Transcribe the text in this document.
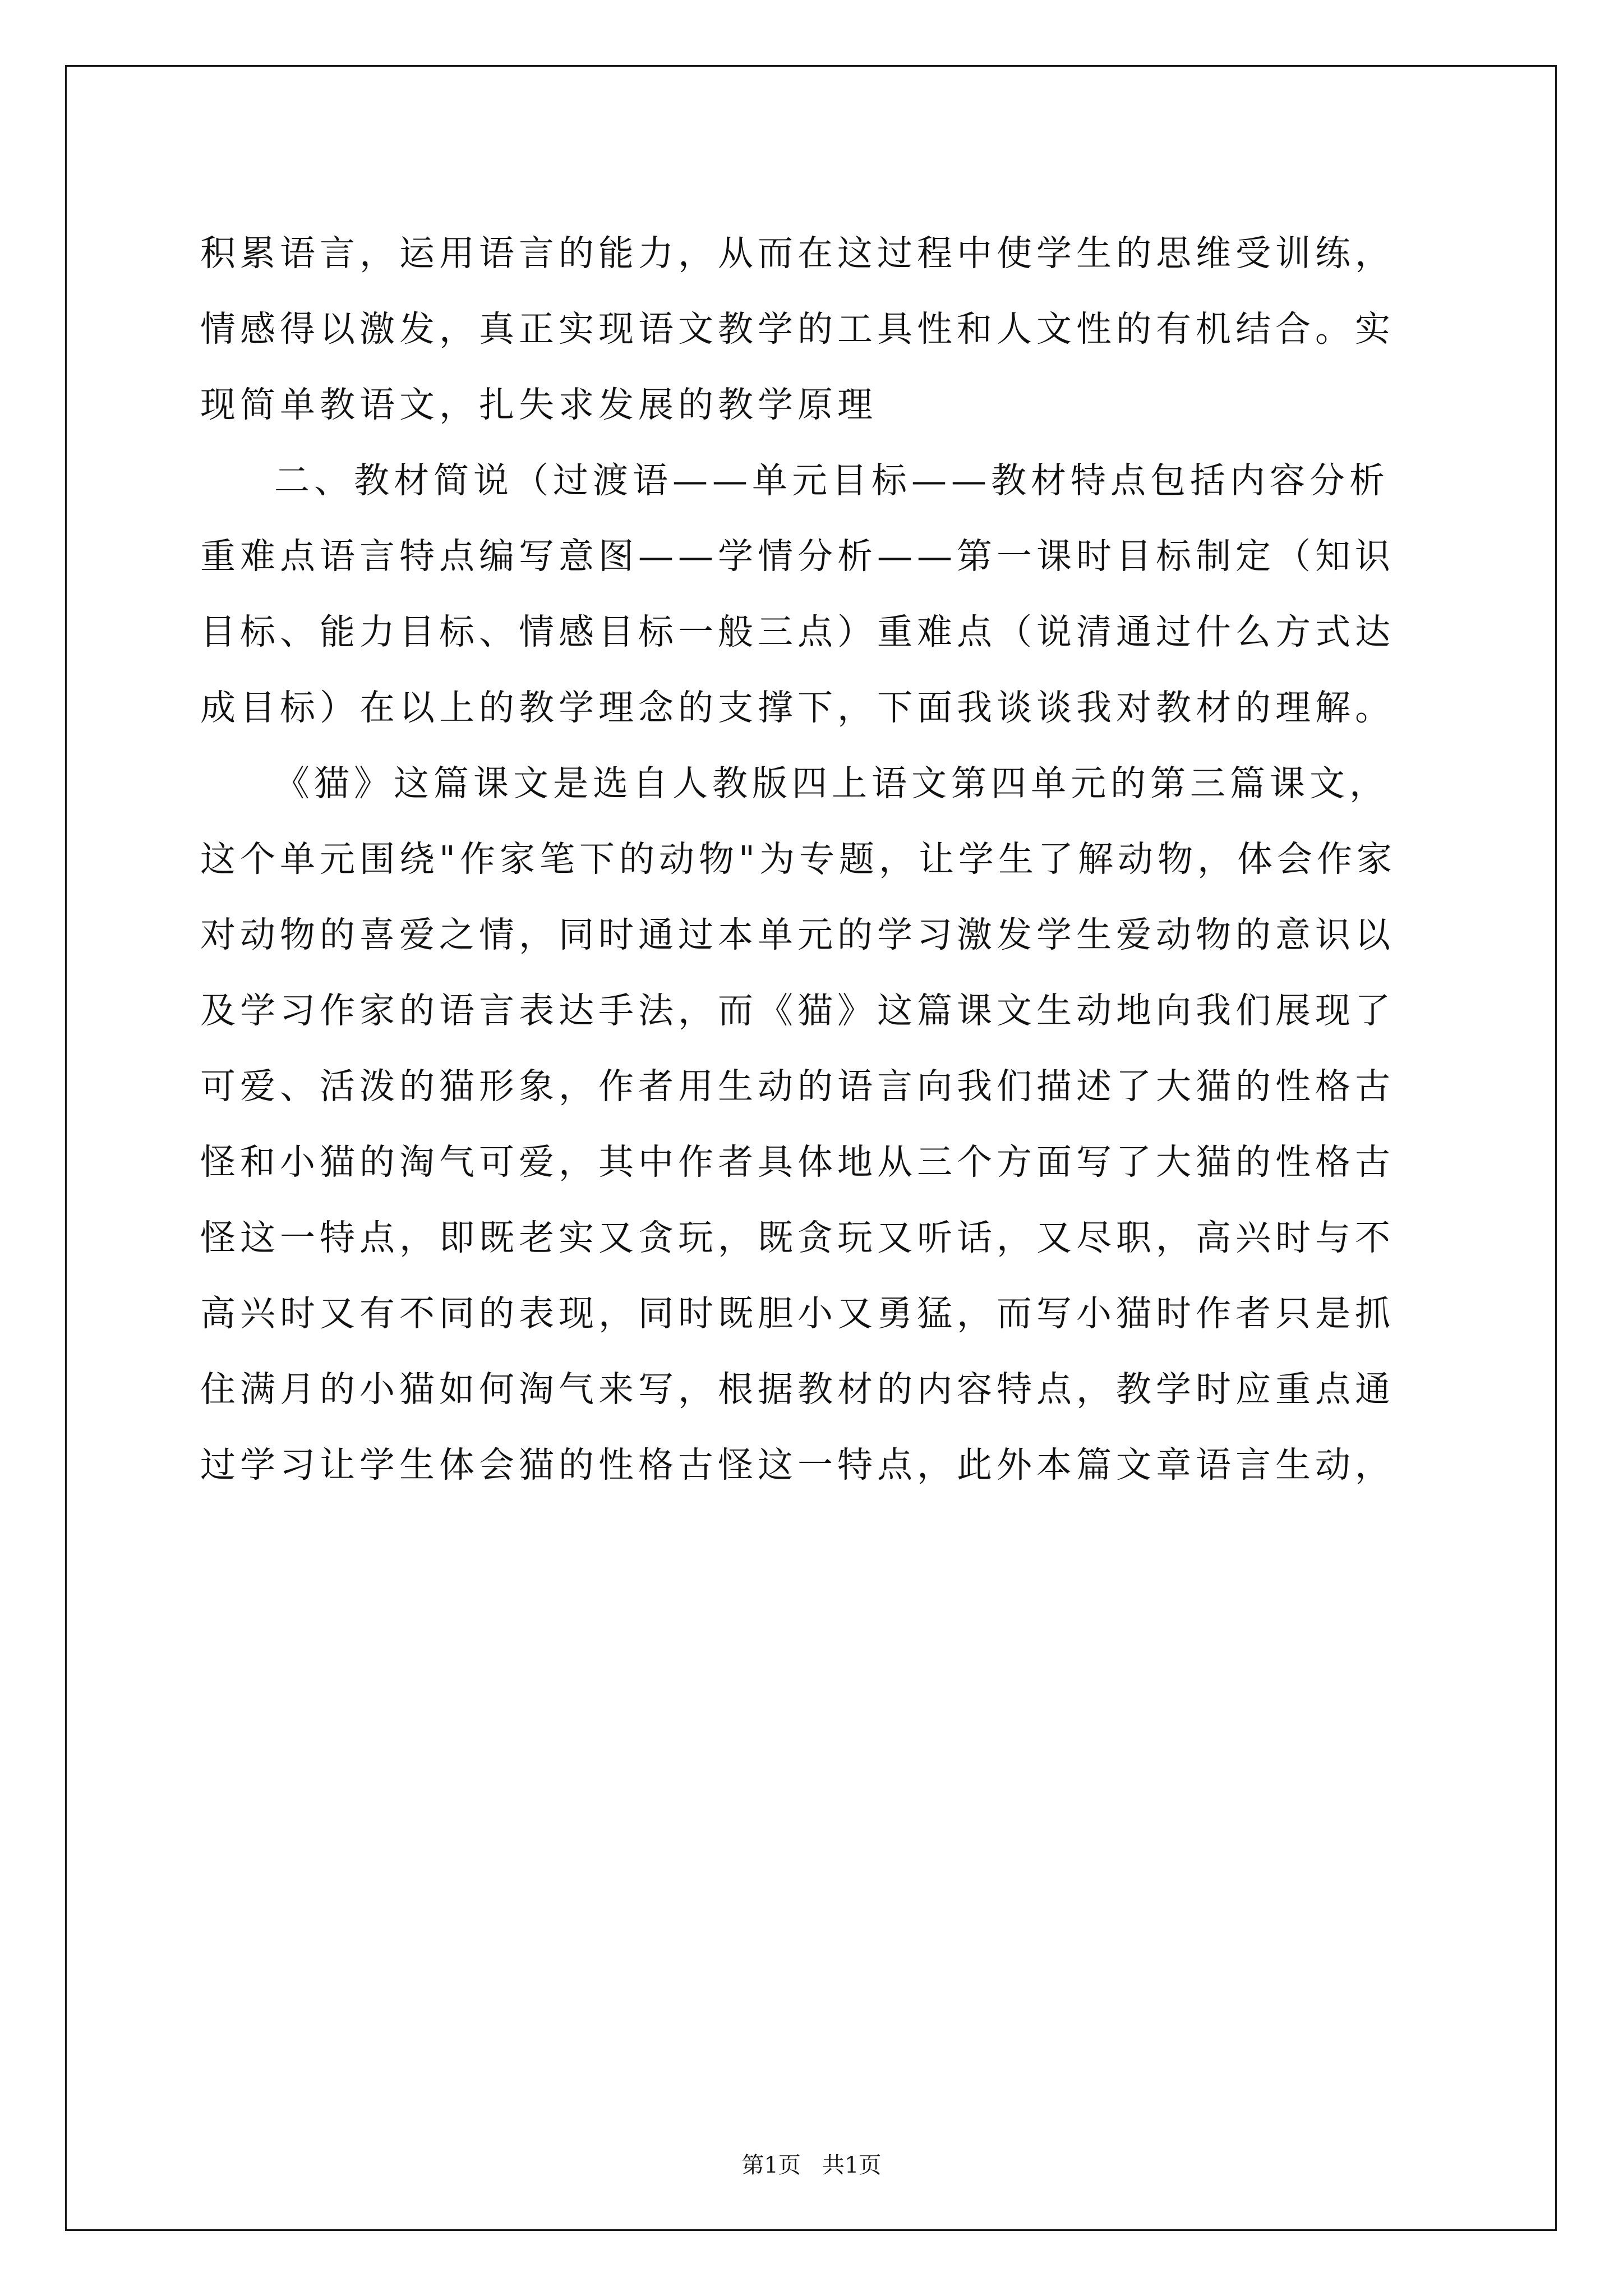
积累语言，运用语言的能力，从而在这过程中使学生的思维受训练，
情感得以激发，真正实现语文教学的工具性和人文性的有机结合。实
现简单教语文，扎失求发展的教学原理
二、教材简说（过渡语——单元目标——教材特点包括内容分析
重难点语言特点编写意图——学情分析——第一课时目标制定（知识
目标、能力目标、情感目标一般三点）重难点（说清通过什么方式达
成目标）在以上的教学理念的支撑下，下面我谈谈我对教材的理解。
《猫》这篇课文是选自人教版四上语文第四单元的第三篇课文，
这个单元围绕"作家笔下的动物"为专题，让学生了解动物，体会作家
对动物的喜爱之情，同时通过本单元的学习激发学生爱动物的意识以
及学习作家的语言表达手法，而《猫》这篇课文生动地向我们展现了
可爱、活泼的猫形象，作者用生动的语言向我们描述了大猫的性格古
怪和小猫的淘气可爱，其中作者具体地从三个方面写了大猫的性格古
怪这一特点，即既老实又贪玩，既贪玩又听话，又尽职，高兴时与不
高兴时又有不同的表现，同时既胆小又勇猛，而写小猫时作者只是抓
住满月的小猫如何淘气来写，根据教材的内容特点，教学时应重点通
过学习让学生体会猫的性格古怪这一特点，此外本篇文章语言生动，
第1页   共1页
